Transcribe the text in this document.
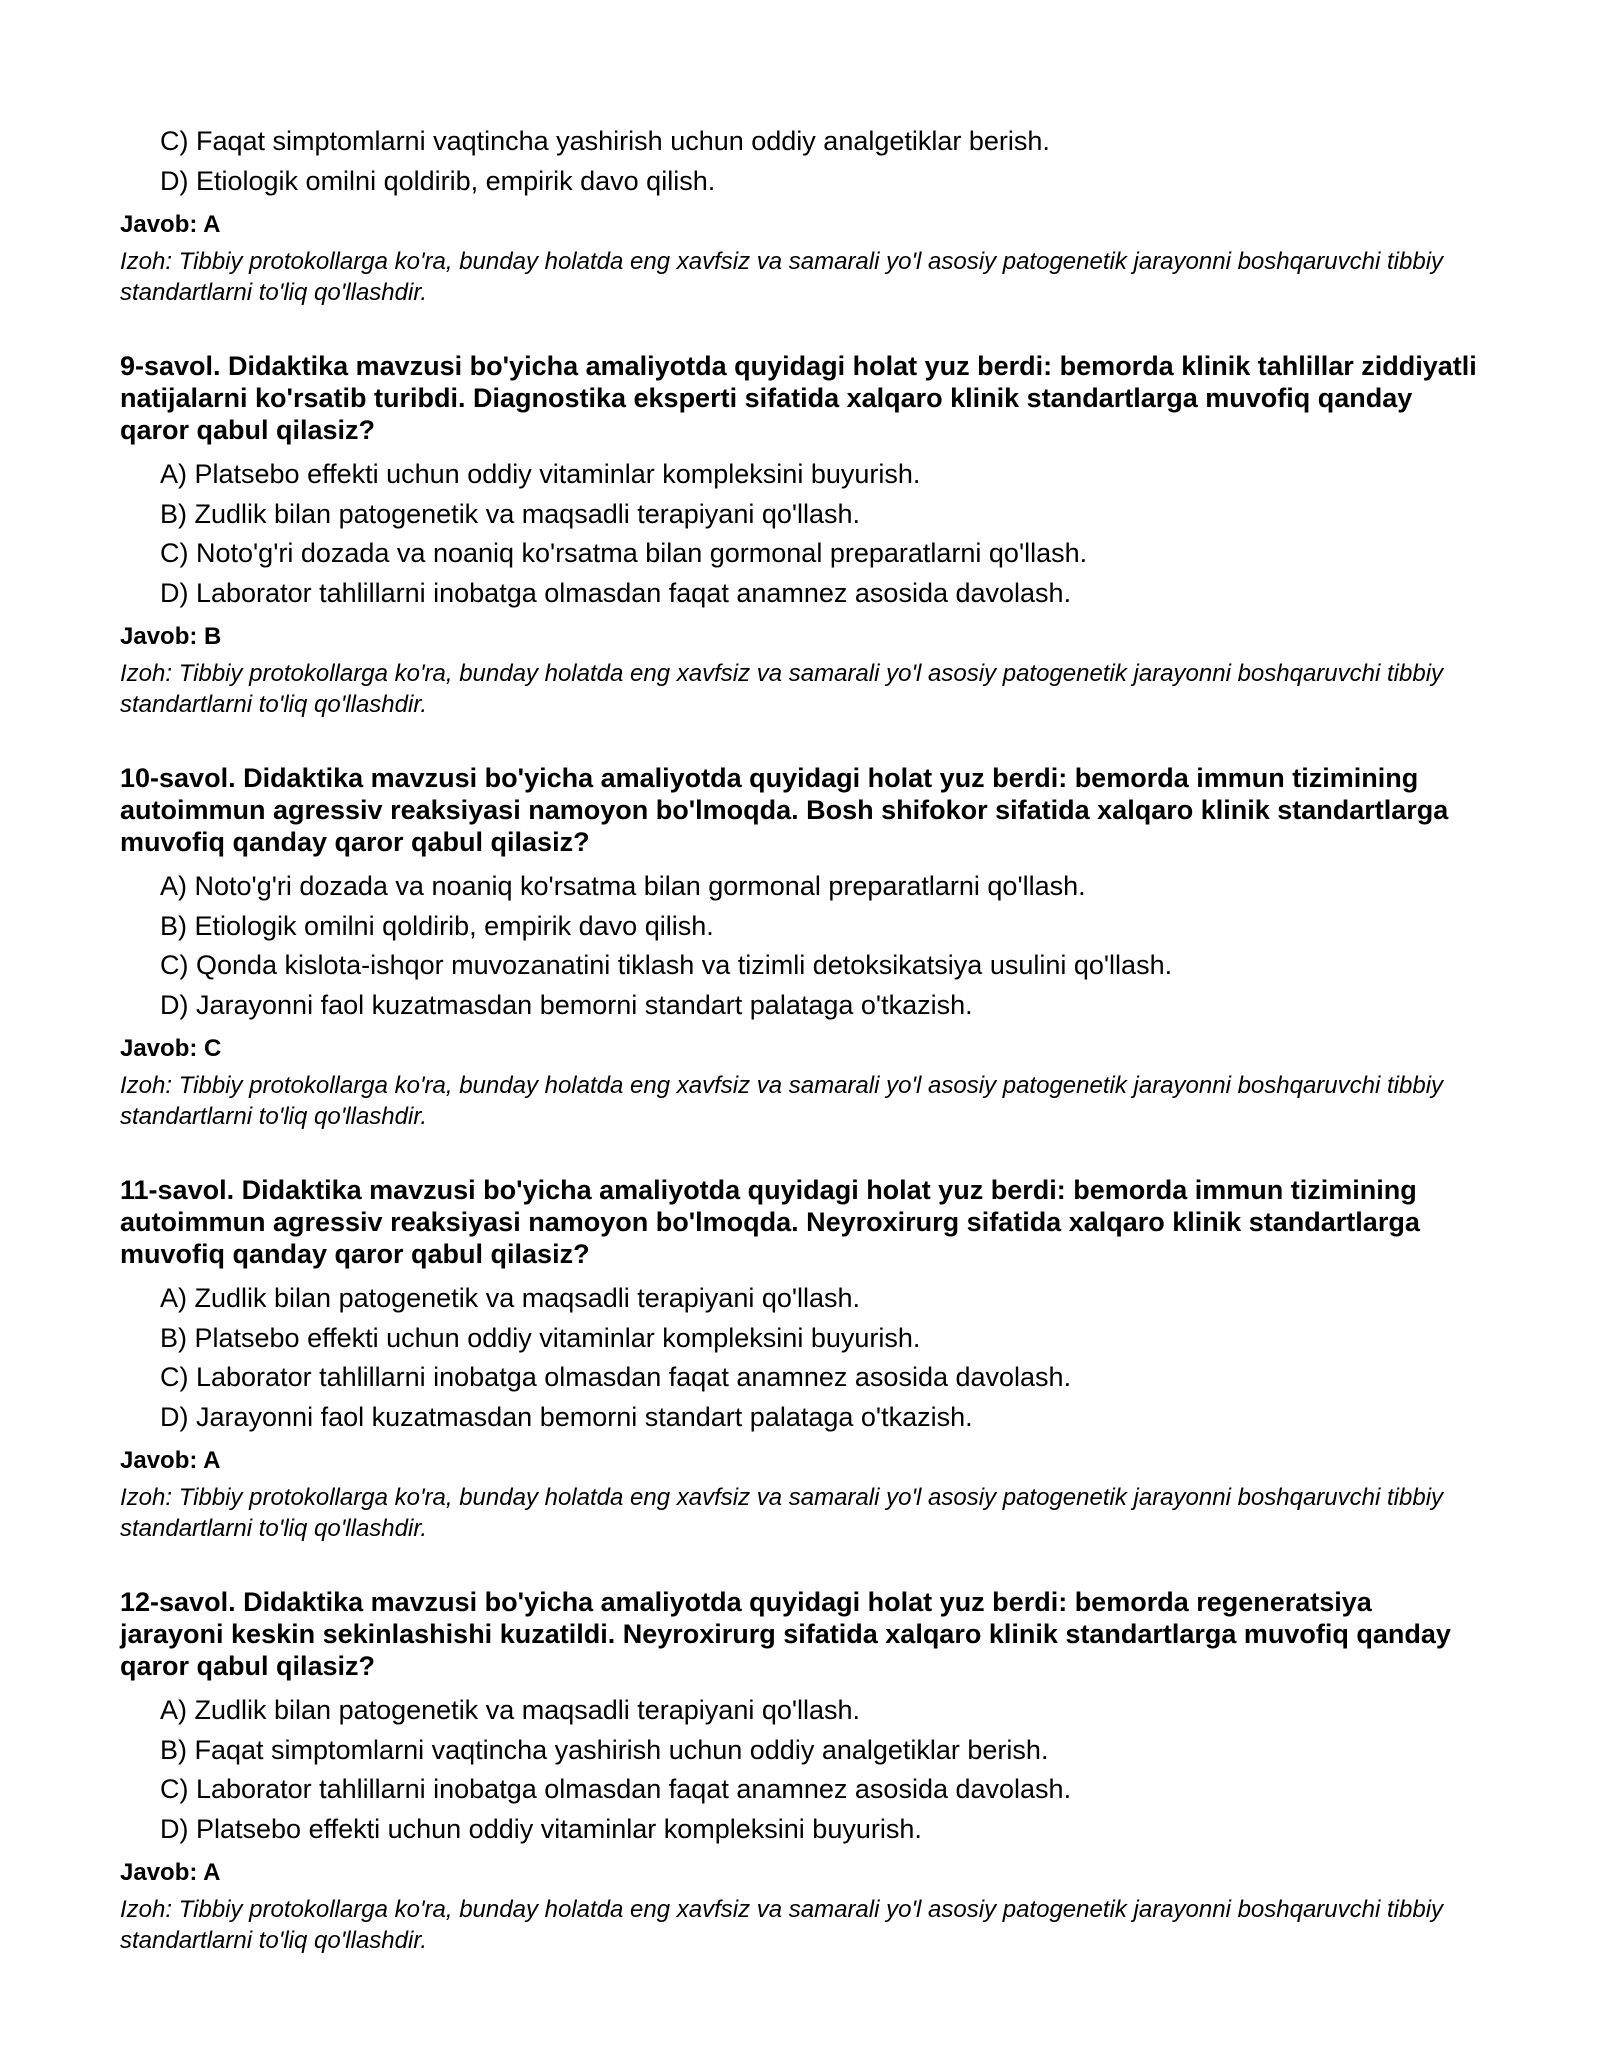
C) Faqat simptomlarni vaqtincha yashirish uchun oddiy analgetiklar berish.
D) Etiologik omilni qoldirib, empirik davo qilish.
Javob: A
Izoh: Tibbiy protokollarga ko'ra, bunday holatda eng xavfsiz va samarali yo'l asosiy patogenetik jarayonni boshqaruvchi tibbiy standartlarni to'liq qo'llashdir.

9-savol. Didaktika mavzusi bo'yicha amaliyotda quyidagi holat yuz berdi: bemorda klinik tahlillar ziddiyatli natijalarni ko'rsatib turibdi. Diagnostika eksperti sifatida xalqaro klinik standartlarga muvofiq qanday qaror qabul qilasiz?

A) Platsebo effekti uchun oddiy vitaminlar kompleksini buyurish.
B) Zudlik bilan patogenetik va maqsadli terapiyani qo'llash.
C) Noto'g'ri dozada va noaniq ko'rsatma bilan gormonal preparatlarni qo'llash.
D) Laborator tahlillarni inobatga olmasdan faqat anamnez asosida davolash.
Javob: B
Izoh: Tibbiy protokollarga ko'ra, bunday holatda eng xavfsiz va samarali yo'l asosiy patogenetik jarayonni boshqaruvchi tibbiy standartlarni to'liq qo'llashdir.

10-savol. Didaktika mavzusi bo'yicha amaliyotda quyidagi holat yuz berdi: bemorda immun tizimining autoimmun agressiv reaksiyasi namoyon bo'lmoqda. Bosh shifokor sifatida xalqaro klinik standartlarga muvofiq qanday qaror qabul qilasiz?

A) Noto'g'ri dozada va noaniq ko'rsatma bilan gormonal preparatlarni qo'llash.
B) Etiologik omilni qoldirib, empirik davo qilish.
C) Qonda kislota-ishqor muvozanatini tiklash va tizimli detoksikatsiya usulini qo'llash.
D) Jarayonni faol kuzatmasdan bemorni standart palataga o'tkazish.
Javob: C
Izoh: Tibbiy protokollarga ko'ra, bunday holatda eng xavfsiz va samarali yo'l asosiy patogenetik jarayonni boshqaruvchi tibbiy standartlarni to'liq qo'llashdir.

11-savol. Didaktika mavzusi bo'yicha amaliyotda quyidagi holat yuz berdi: bemorda immun tizimining autoimmun agressiv reaksiyasi namoyon bo'lmoqda. Neyroxirurg sifatida xalqaro klinik standartlarga muvofiq qanday qaror qabul qilasiz?

A) Zudlik bilan patogenetik va maqsadli terapiyani qo'llash.
B) Platsebo effekti uchun oddiy vitaminlar kompleksini buyurish.
C) Laborator tahlillarni inobatga olmasdan faqat anamnez asosida davolash.
D) Jarayonni faol kuzatmasdan bemorni standart palataga o'tkazish.
Javob: A
Izoh: Tibbiy protokollarga ko'ra, bunday holatda eng xavfsiz va samarali yo'l asosiy patogenetik jarayonni boshqaruvchi tibbiy standartlarni to'liq qo'llashdir.

12-savol. Didaktika mavzusi bo'yicha amaliyotda quyidagi holat yuz berdi: bemorda regeneratsiya jarayoni keskin sekinlashishi kuzatildi. Neyroxirurg sifatida xalqaro klinik standartlarga muvofiq qanday qaror qabul qilasiz?

A) Zudlik bilan patogenetik va maqsadli terapiyani qo'llash.
B) Faqat simptomlarni vaqtincha yashirish uchun oddiy analgetiklar berish.
C) Laborator tahlillarni inobatga olmasdan faqat anamnez asosida davolash.
D) Platsebo effekti uchun oddiy vitaminlar kompleksini buyurish.
Javob: A
Izoh: Tibbiy protokollarga ko'ra, bunday holatda eng xavfsiz va samarali yo'l asosiy patogenetik jarayonni boshqaruvchi tibbiy standartlarni to'liq qo'llashdir.
